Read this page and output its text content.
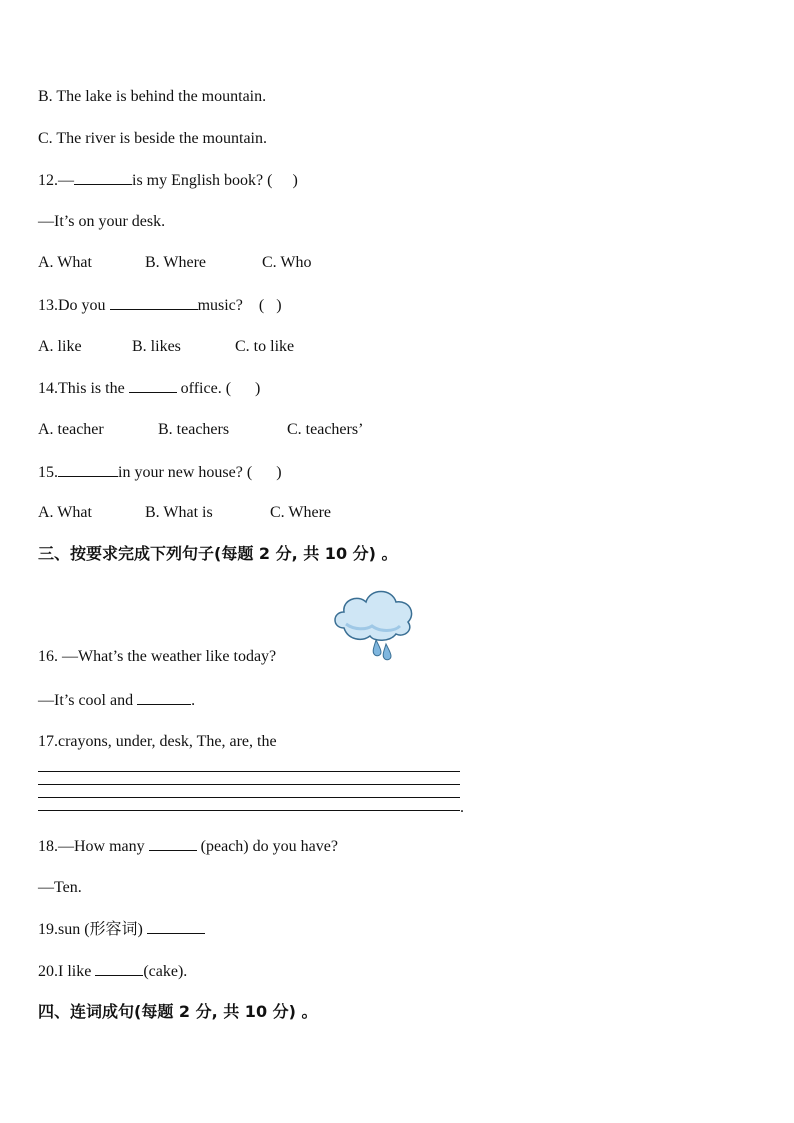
B. The lake is behind the mountain.
C. The river is beside the mountain.
12.—	is my English book? ( )
—It’s on your desk.
A. What	B. Where	C. Who
13.Do you	music? ( )
A. like	B. likes	C. to like
14.This is the	office. ( )
A. teacher	B. teachers	C. teachers’
15.	in your new house? ( )
A. What	B. What is	C. Where
三、按要求完成下列句子(每题 2 分, 共 10 分) 。
16. —What’s the weather like today?
—It’s cool and	.
17.crayons, under, desk, The, are, the
.
18.—How many	(peach) do you have?
—Ten.
19.sun (形容词)
20.I like	(cake).
四、连词成句(每题 2 分, 共 10 分) 。
